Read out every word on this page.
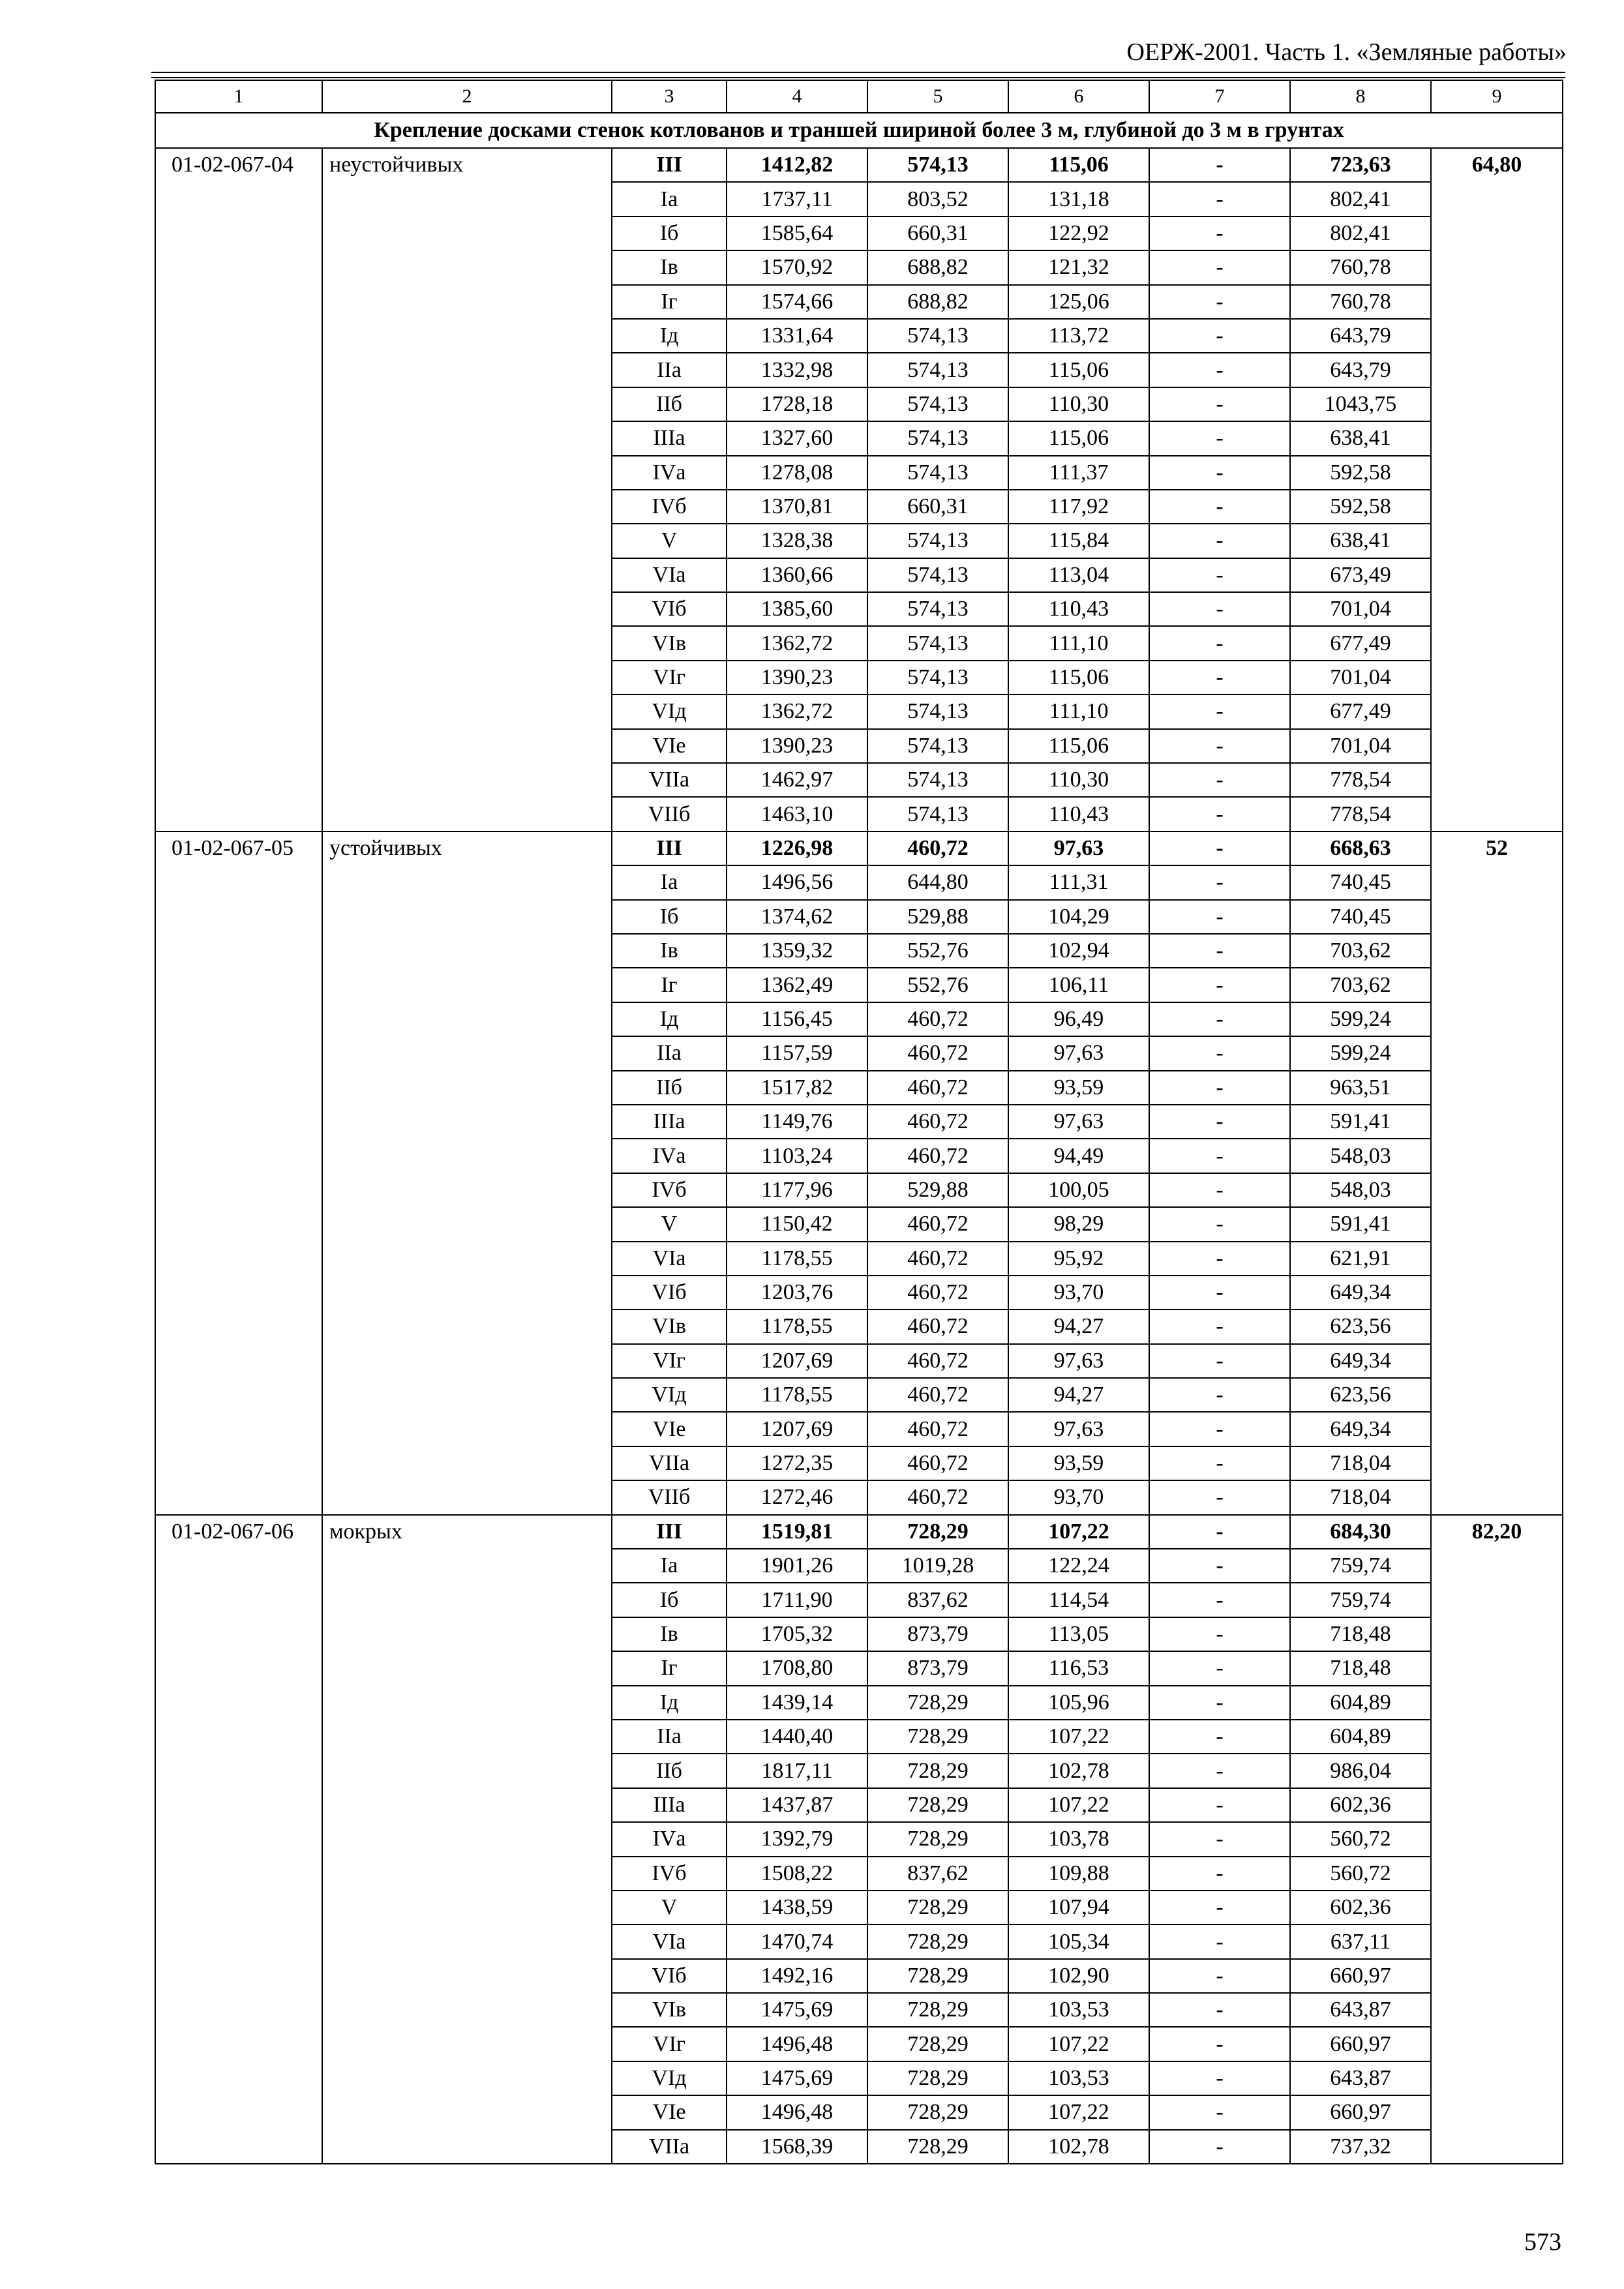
ОЕРЖ-2001. Часть 1. «Земляные работы»
1	2	3	4	5	6	7	8	9
Крепление досками стенок котлованов и траншей шириной более 3 м, глубиной до 3 м в грунтах								
01-02-067-04	неустойчивых	III	1412,82	574,13	115,06	-	723,63	64,80
		Iа	1737,11	803,52	131,18	-	802,41	
		Iб	1585,64	660,31	122,92	-	802,41	
		Iв	1570,92	688,82	121,32	-	760,78	
		Iг	1574,66	688,82	125,06	-	760,78	
		Iд	1331,64	574,13	113,72	-	643,79	
		IIа	1332,98	574,13	115,06	-	643,79	
		IIб	1728,18	574,13	110,30	-	1043,75	
		IIIа	1327,60	574,13	115,06	-	638,41	
		IVа	1278,08	574,13	111,37	-	592,58	
		IVб	1370,81	660,31	117,92	-	592,58	
		V	1328,38	574,13	115,84	-	638,41	
		VIа	1360,66	574,13	113,04	-	673,49	
		VIб	1385,60	574,13	110,43	-	701,04	
		VIв	1362,72	574,13	111,10	-	677,49	
		VIг	1390,23	574,13	115,06	-	701,04	
		VIд	1362,72	574,13	111,10	-	677,49	
		VIе	1390,23	574,13	115,06	-	701,04	
		VIIа	1462,97	574,13	110,30	-	778,54	
		VIIб	1463,10	574,13	110,43	-	778,54	
01-02-067-05	устойчивых	III	1226,98	460,72	97,63	-	668,63	52
		Iа	1496,56	644,80	111,31	-	740,45	
		Iб	1374,62	529,88	104,29	-	740,45	
		Iв	1359,32	552,76	102,94	-	703,62	
		Iг	1362,49	552,76	106,11	-	703,62	
		Iд	1156,45	460,72	96,49	-	599,24	
		IIа	1157,59	460,72	97,63	-	599,24	
		IIб	1517,82	460,72	93,59	-	963,51	
		IIIа	1149,76	460,72	97,63	-	591,41	
		IVа	1103,24	460,72	94,49	-	548,03	
		IVб	1177,96	529,88	100,05	-	548,03	
		V	1150,42	460,72	98,29	-	591,41	
		VIа	1178,55	460,72	95,92	-	621,91	
		VIб	1203,76	460,72	93,70	-	649,34	
		VIв	1178,55	460,72	94,27	-	623,56	
		VIг	1207,69	460,72	97,63	-	649,34	
		VIд	1178,55	460,72	94,27	-	623,56	
		VIе	1207,69	460,72	97,63	-	649,34	
		VIIа	1272,35	460,72	93,59	-	718,04	
		VIIб	1272,46	460,72	93,70	-	718,04	
01-02-067-06	мокрых	III	1519,81	728,29	107,22	-	684,30	82,20
		Iа	1901,26	1019,28	122,24	-	759,74	
		Iб	1711,90	837,62	114,54	-	759,74	
		Iв	1705,32	873,79	113,05	-	718,48	
		Iг	1708,80	873,79	116,53	-	718,48	
		Iд	1439,14	728,29	105,96	-	604,89	
		IIа	1440,40	728,29	107,22	-	604,89	
		IIб	1817,11	728,29	102,78	-	986,04	
		IIIа	1437,87	728,29	107,22	-	602,36	
		IVа	1392,79	728,29	103,78	-	560,72	
		IVб	1508,22	837,62	109,88	-	560,72	
		V	1438,59	728,29	107,94	-	602,36	
		VIа	1470,74	728,29	105,34	-	637,11	
		VIб	1492,16	728,29	102,90	-	660,97	
		VIв	1475,69	728,29	103,53	-	643,87	
		VIг	1496,48	728,29	107,22	-	660,97	
		VIд	1475,69	728,29	103,53	-	643,87	
		VIе	1496,48	728,29	107,22	-	660,97	
		VIIа	1568,39	728,29	102,78	-	737,32	
573
